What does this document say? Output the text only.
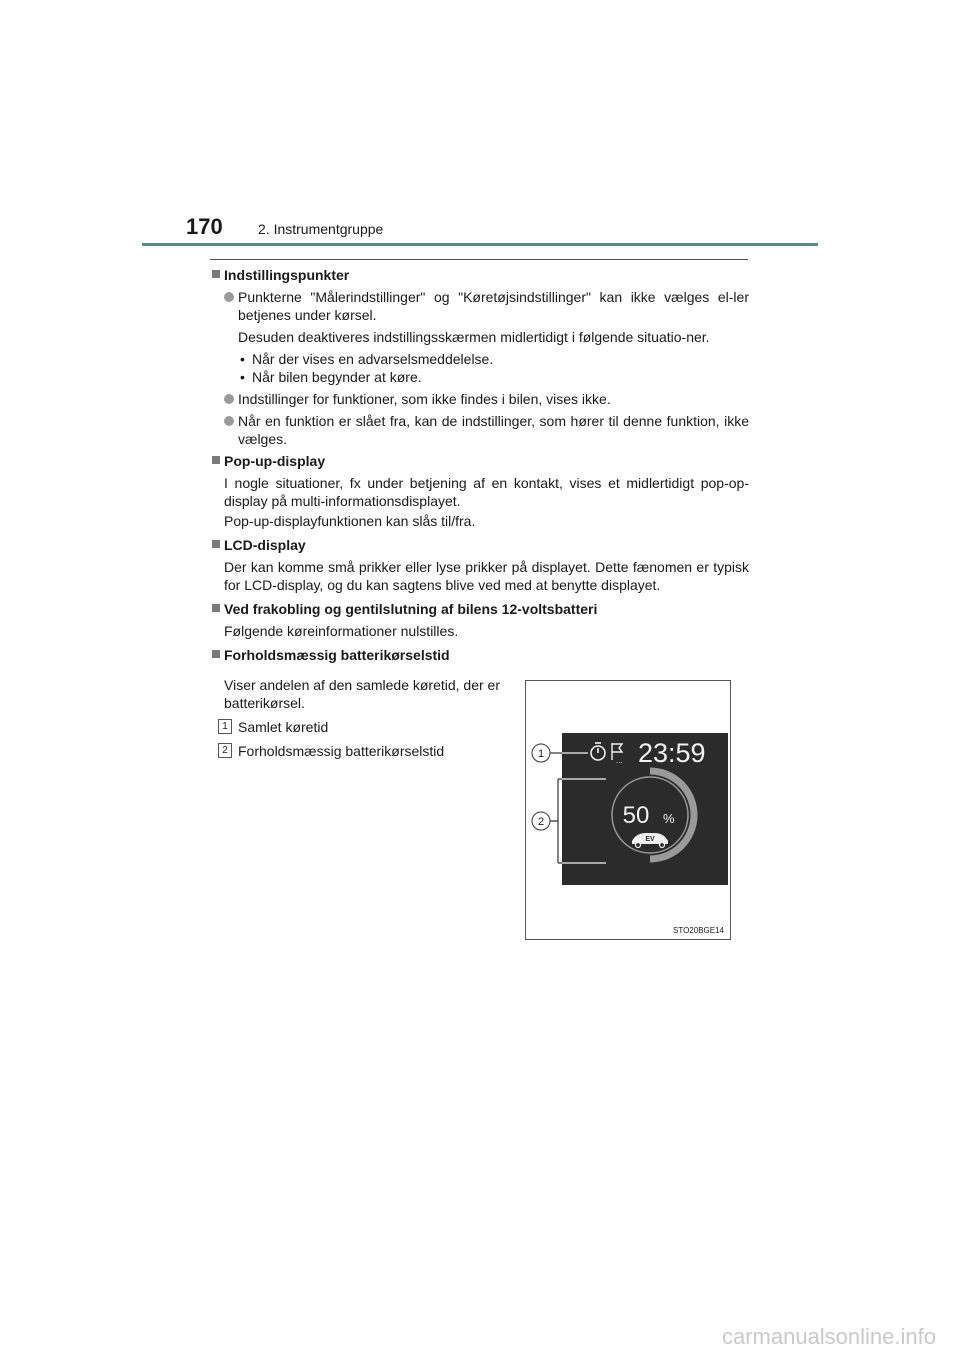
170	2. Instrumentgruppe
Indstillingspunkter
Punkterne "Målerindstillinger" og "Køretøjsindstillinger" kan ikke vælges el-ler betjenes under kørsel.
Desuden deaktiveres indstillingsskærmen midlertidigt i følgende situatio-ner.
• Når der vises en advarselsmeddelelse.
• Når bilen begynder at køre.
Indstillinger for funktioner, som ikke findes i bilen, vises ikke.
Når en funktion er slået fra, kan de indstillinger, som hører til denne funktion, ikke vælges.
Pop-up-display
I nogle situationer, fx under betjening af en kontakt, vises et midlertidigt pop-op-display på multi-informationsdisplayet.
Pop-up-displayfunktionen kan slås til/fra.
LCD-display
Der kan komme små prikker eller lyse prikker på displayet. Dette fænomen er typisk for LCD-display, og du kan sagtens blive ved med at benytte displayet.
Ved frakobling og gentilslutning af bilens 12-voltsbatteri
Følgende køreinformationer nulstilles.
Forholdsmæssig batterikørselstid
Viser andelen af den samlede køretid, der er batterikørsel.
1 Samlet køretid
2 Forholdsmæssig batterikørselstid
... 23:59
50 %
EV
1
2
STO20BGE14
carmanualsonline.info
